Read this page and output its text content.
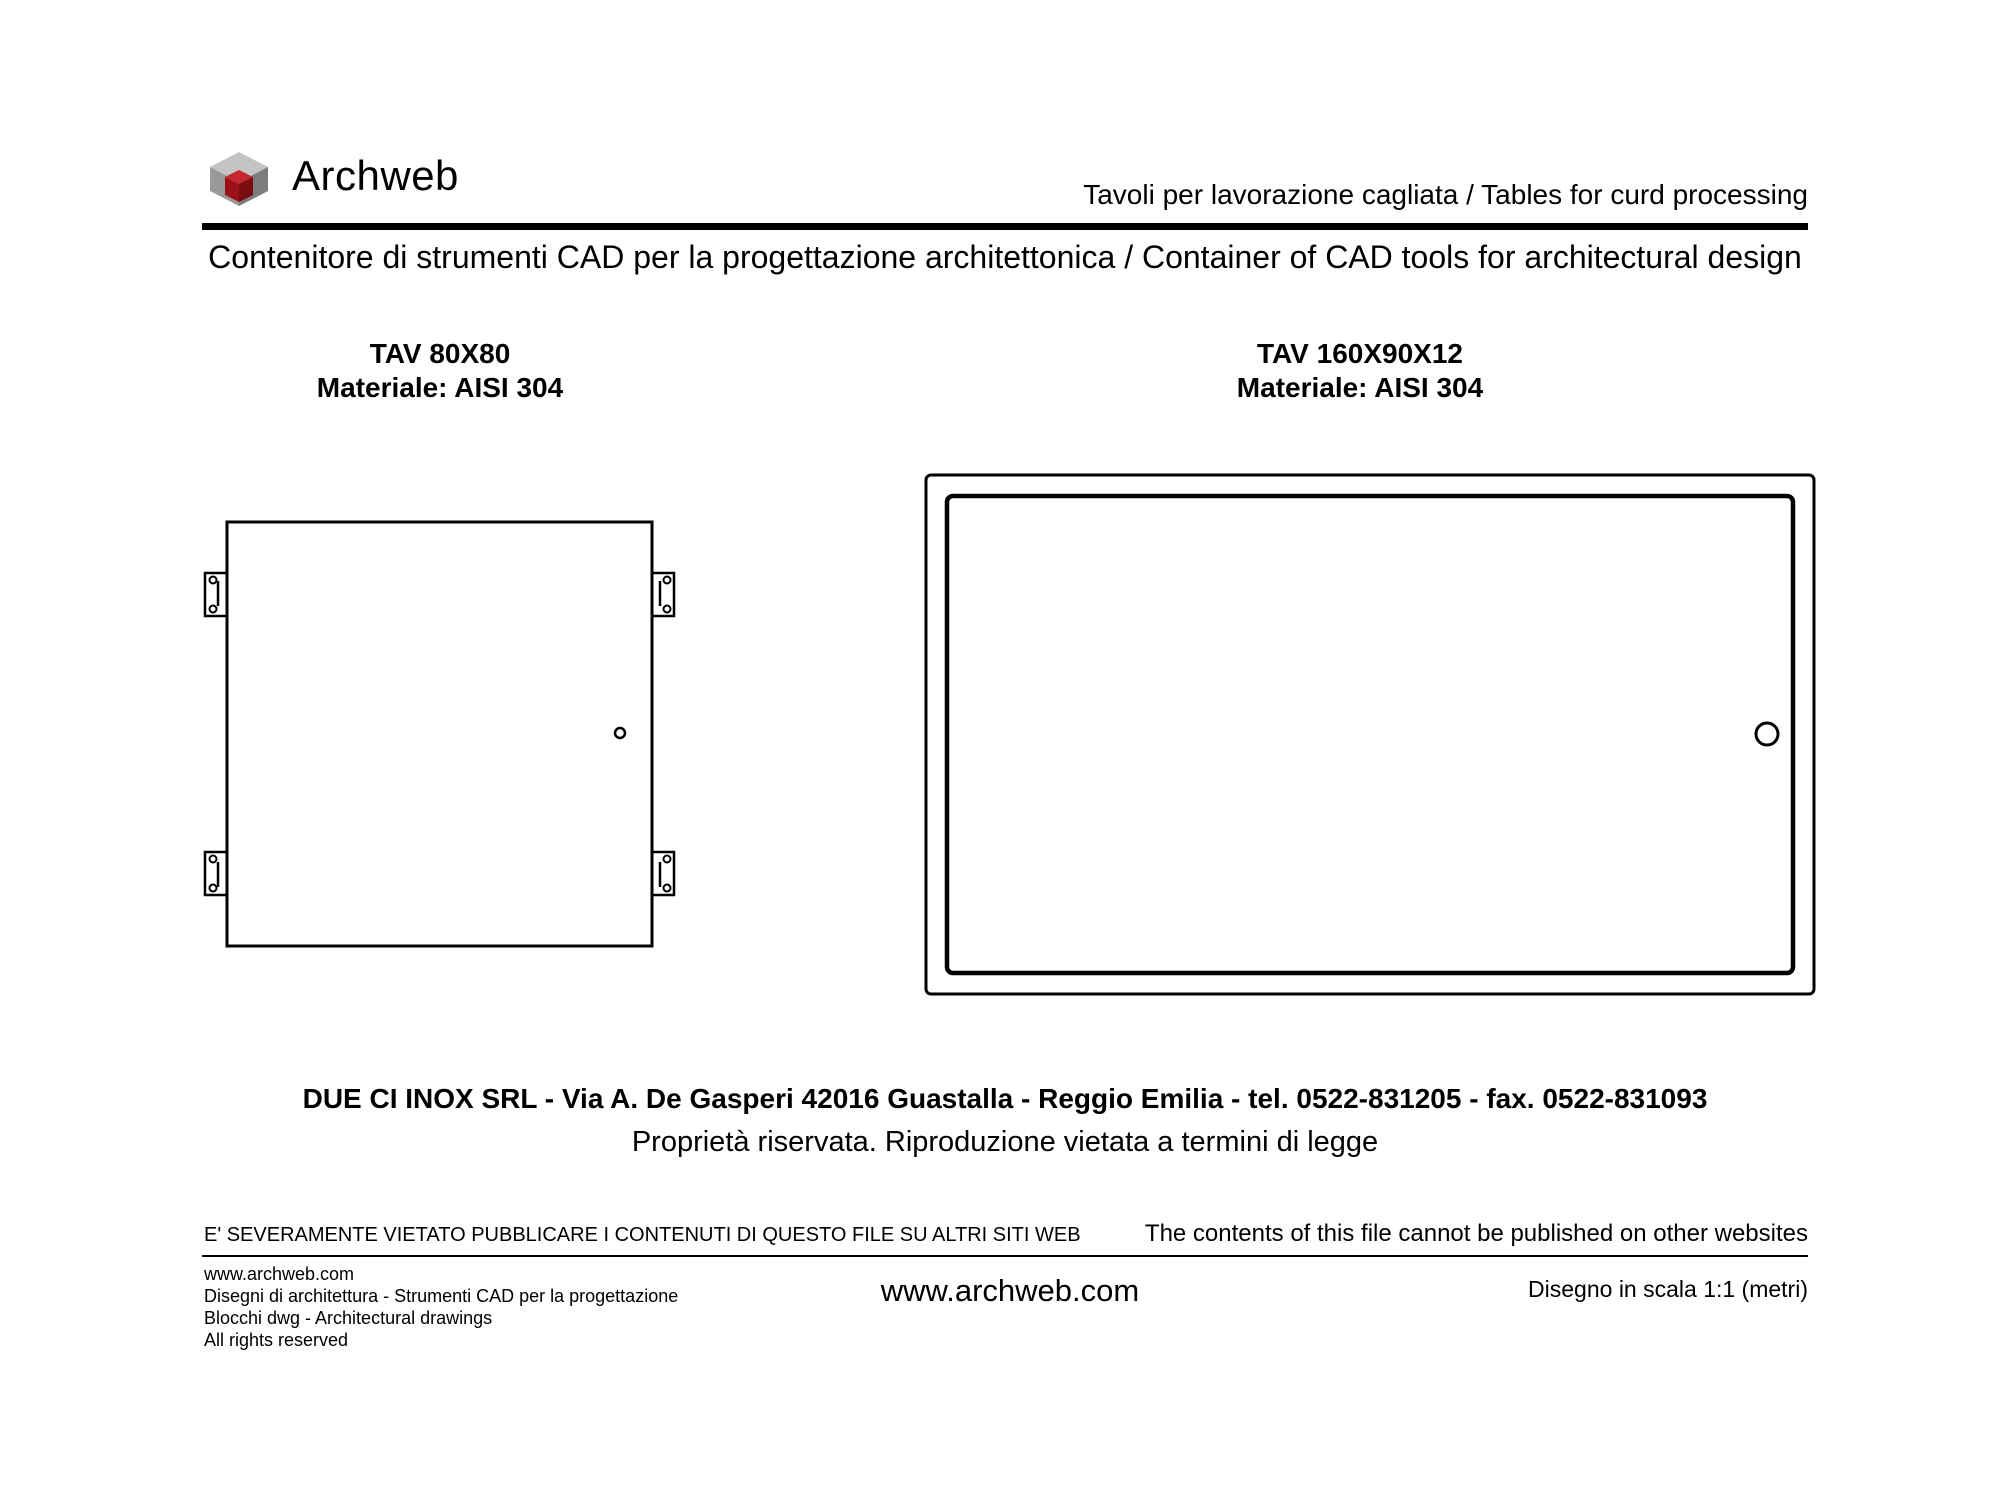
Archweb	Tavoli per lavorazione cagliata / Tables for curd processing
Contenitore di strumenti CAD per la progettazione architettonica / Container of CAD tools for architectural design
TAV 80X80
Materiale: AISI 304
TAV 160X90X12
Materiale: AISI 304
DUE CI INOX SRL - Via A. De Gasperi 42016 Guastalla - Reggio Emilia - tel. 0522-831205 - fax. 0522-831093
Proprietà riservata. Riproduzione vietata a termini di legge
E' SEVERAMENTE VIETATO PUBBLICARE I CONTENUTI DI QUESTO FILE SU ALTRI SITI WEB	The contents of this file cannot be published on other websites
www.archweb.com
Disegni di architettura - Strumenti CAD per la progettazione
Blocchi dwg - Architectural drawings
All rights reserved
www.archweb.com	Disegno in scala 1:1 (metri)
